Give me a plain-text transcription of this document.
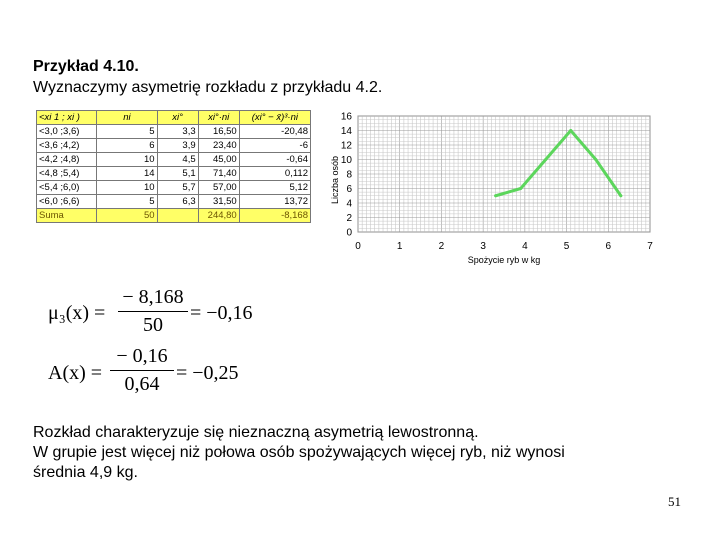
Przykład 4.10.
Wyznaczymy asymetrię rozkładu z przykładu 4.2.
<xi 1 ; xi )	ni	xi°	xi°·ni	(xi° − x̄)³·ni
<3,0 ;3,6)	5	3,3	16,50	-20,48
<3,6 ;4,2)	6	3,9	23,40	-6
<4,2 ;4,8)	10	4,5	45,00	-0,64
<4,8 ;5,4)	14	5,1	71,40	0,112
<5,4 ;6,0)	10	5,7	57,00	5,12
<6,0 ;6,6)	5	6,3	31,50	13,72
Suma	50		244,80	-8,168
16
14
12
10
8
6
4
2
0
0	1	2	3	4	5	6	7
Spożycie ryb w kg
Liczba osób
μ₃(x) =
− 8,168
50
= −0,16
A(x) =
− 0,16
0,64 = −0,25
Rozkład charakteryzuje się nieznaczną asymetrią lewostronną.
W grupie jest więcej niż połowa osób spożywających więcej ryb, niż wynosi
średnia 4,9 kg.
51
